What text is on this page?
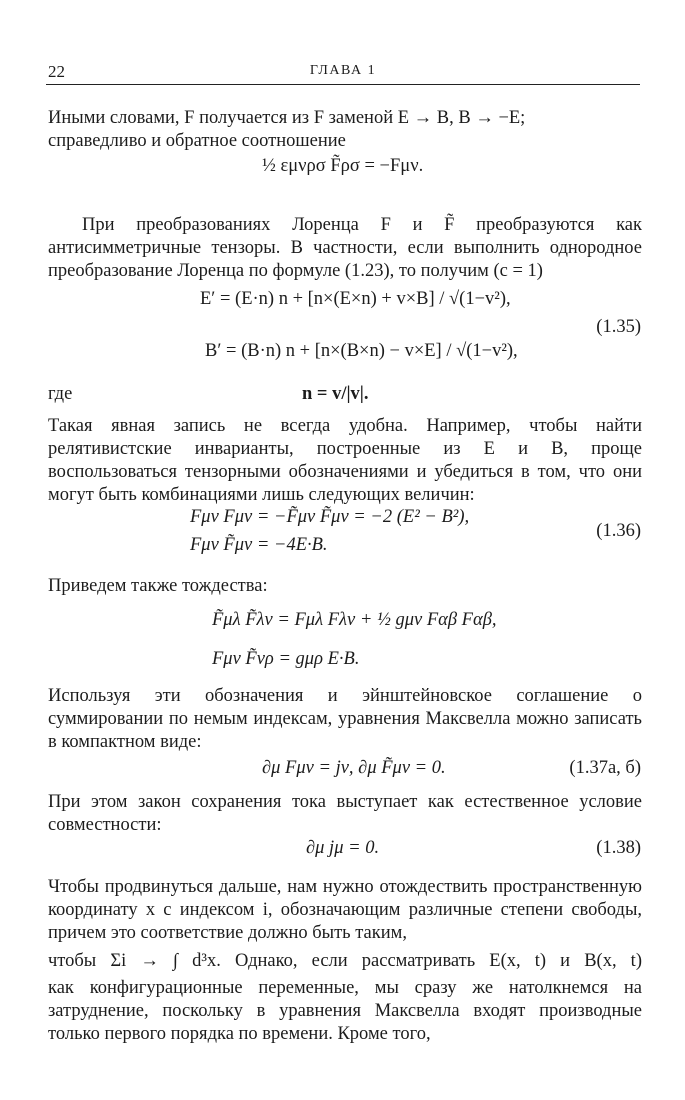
22	ГЛАВА 1
Иными словами, F получается из F заменой E → B, B → −E;
справедливо и обратное соотношение
½ εμνρσ F̃ρσ = −Fμν.
При преобразованиях Лоренца F и F̃ преобразуются как антисимметричные тензоры. В частности, если выполнить однородное преобразование Лоренца по формуле (1.23), то получим (c = 1)
E′ = (E·n) n + [n×(E×n) + v×B] / √(1−v²),
B′ = (B·n) n + [n×(B×n) − v×E] / √(1−v²),
(1.35)
где	n = v/|v|.
Такая явная запись не всегда удобна. Например, чтобы найти релятивистские инварианты, построенные из E и B, проще воспользоваться тензорными обозначениями и убедиться в том, что они могут быть комбинациями лишь следующих величин:
Fμν Fμν = −F̃μν F̃μν = −2 (E² − B²),
Fμν F̃μν = −4E·B.
(1.36)
Приведем также тождества:
F̃μλ F̃λν = Fμλ Fλν + ½ gμν Fαβ Fαβ,
Fμν F̃νρ = gμρ E·B.
Используя эти обозначения и эйнштейновское соглашение о суммировании по немым индексам, уравнения Максвелла можно записать в компактном виде:
∂μ Fμν = jν, ∂μ F̃μν = 0.	(1.37а, б)
При этом закон сохранения тока выступает как естественное условие совместности:
∂μ jμ = 0.	(1.38)
Чтобы продвинуться дальше, нам нужно отождествить пространственную координату x с индексом i, обозначающим различные степени свободы, причем это соответствие должно быть таким,
чтобы Σi → ∫ d³x. Однако, если рассматривать E(x, t) и B(x, t)
как конфигурационные переменные, мы сразу же натолкнемся на затруднение, поскольку в уравнения Максвелла входят производные только первого порядка по времени. Кроме того,
